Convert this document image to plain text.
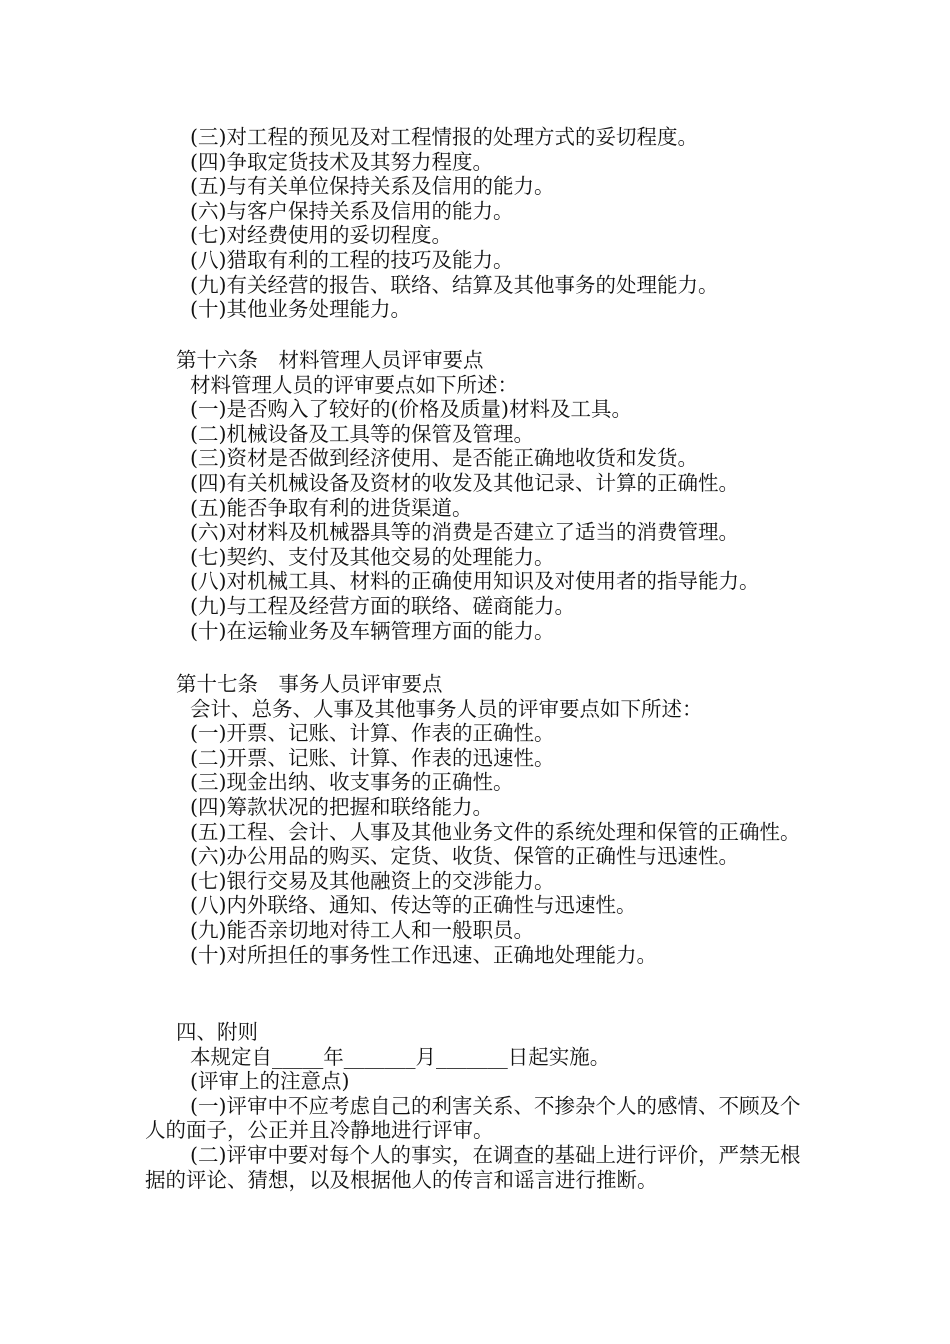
(三)对工程的预见及对工程情报的处理方式的妥切程度。
(四)争取定货技术及其努力程度。
(五)与有关单位保持关系及信用的能力。
(六)与客户保持关系及信用的能力。
(七)对经费使用的妥切程度。
(八)猎取有利的工程的技巧及能力。
(九)有关经营的报告、联络、结算及其他事务的处理能力。
(十)其他业务处理能力。
第十六条　材料管理人员评审要点
材料管理人员的评审要点如下所述：
(一)是否购入了较好的(价格及质量)材料及工具。
(二)机械设备及工具等的保管及管理。
(三)资材是否做到经济使用、是否能正确地收货和发货。
(四)有关机械设备及资材的收发及其他记录、计算的正确性。
(五)能否争取有利的进货渠道。
(六)对材料及机械器具等的消费是否建立了适当的消费管理。
(七)契约、支付及其他交易的处理能力。
(八)对机械工具、材料的正确使用知识及对使用者的指导能力。
(九)与工程及经营方面的联络、磋商能力。
(十)在运输业务及车辆管理方面的能力。
第十七条　事务人员评审要点
会计、总务、人事及其他事务人员的评审要点如下所述：
(一)开票、记账、计算、作表的正确性。
(二)开票、记账、计算、作表的迅速性。
(三)现金出纳、收支事务的正确性。
(四)筹款状况的把握和联络能力。
(五)工程、会计、人事及其他业务文件的系统处理和保管的正确性。
(六)办公用品的购买、定货、收货、保管的正确性与迅速性。
(七)银行交易及其他融资上的交涉能力。
(八)内外联络、通知、传达等的正确性与迅速性。
(九)能否亲切地对待工人和一般职员。
(十)对所担任的事务性工作迅速、正确地处理能力。
四、附则
本规定自_____年_______月_______日起实施。
(评审上的注意点)
(一)评审中不应考虑自己的利害关系、不掺杂个人的感情、不顾及个人的面子，公正并且冷静地进行评审。
(二)评审中要对每个人的事实，在调查的基础上进行评价，严禁无根据的评论、猜想，以及根据他人的传言和谣言进行推断。
